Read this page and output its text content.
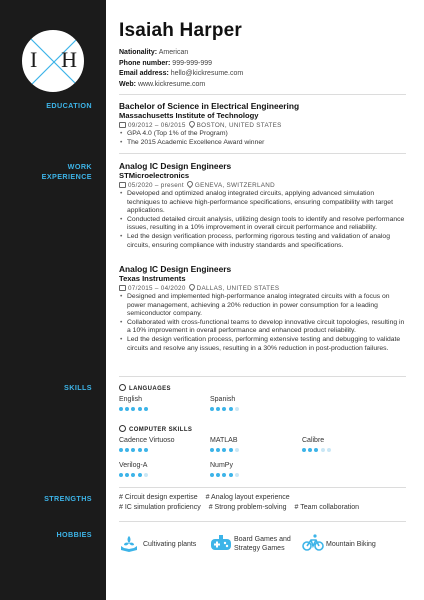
I H
EDUCATION
WORK
EXPERIENCE
SKILLS
STRENGTHS
HOBBIES
Isaiah Harper
Nationality: American
Phone number: 999-999-999
Email address: hello@kickresume.com
Web: www.kickresume.com
Bachelor of Science in Electrical Engineering
Massachusetts Institute of Technology
09/2012 – 06/2015 BOSTON, UNITED STATES
• GPA 4.0 (Top 1% of the Program)
• The 2015 Academic Excellence Award winner
Analog IC Design Engineers
STMicroelectronics
05/2020 – present GENEVA, SWITZERLAND
• Developed and optimized analog integrated circuits, applying advanced simulation techniques to achieve high-performance specifications, ensuring compatibility with target applications.
• Conducted detailed circuit analysis, utilizing design tools to identify and resolve performance issues, resulting in a 10% improvement in overall circuit performance and reliability.
• Led the design verification process, performing rigorous testing and validation of analog circuits, ensuring compliance with industry standards and specifications.
Analog IC Design Engineers
Texas Instruments
07/2015 – 04/2020 DALLAS, UNITED STATES
• Designed and implemented high-performance analog integrated circuits with a focus on power management, achieving a 20% reduction in power consumption for a leading semiconductor company.
• Collaborated with cross-functional teams to develop innovative circuit topologies, resulting in a 10% improvement in overall performance and enhanced product reliability.
• Led the design verification process, performing extensive testing and debugging to validate circuits and resolve any issues, resulting in a 30% reduction in post-production failures.
LANGUAGES
English	Spanish
COMPUTER SKILLS
Cadence Virtuoso	MATLAB	Calibre
Verilog-A	NumPy
# Circuit design expertise # Analog layout experience
# IC simulation proficiency # Strong problem-solving # Team collaboration
Cultivating plants
Board Games and
Strategy Games
Mountain Biking
